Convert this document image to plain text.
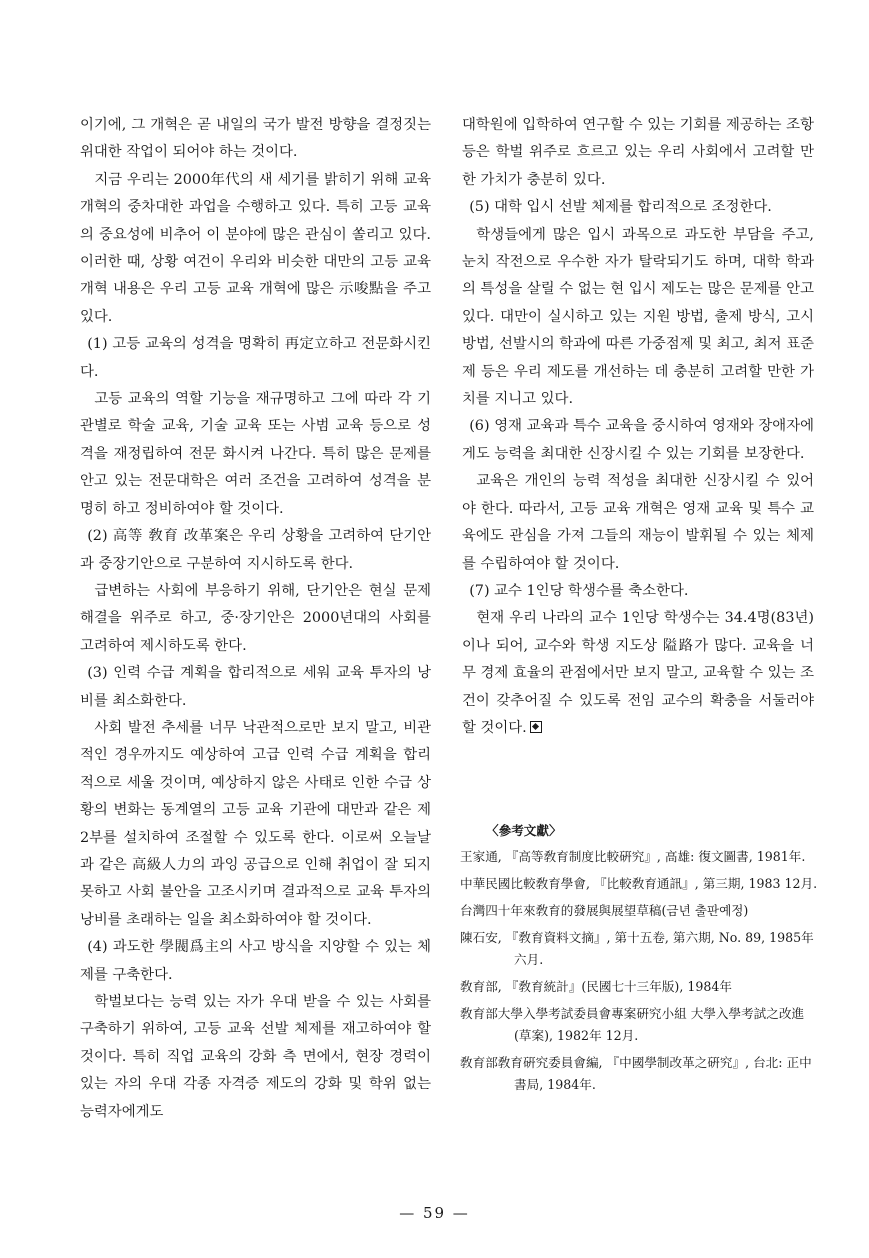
이기에, 그 개혁은 곧 내일의 국가 발전 방향을 결정짓는 위대한 작업이 되어야 하는 것이다.

지금 우리는 2000年代의 새 세기를 밝히기 위해 교육 개혁의 중차대한 과업을 수행하고 있다. 특히 고등 교육의 중요성에 비추어 이 분야에 많은 관심이 쏠리고 있다. 이러한 때, 상황 여건이 우리와 비슷한 대만의 고등 교육 개혁 내용은 우리 고등 교육 개혁에 많은 示唆點을 주고 있다.

(1) 고등 교육의 성격을 명확히 再定立하고 전문화시킨다.

고등 교육의 역할 기능을 재규명하고 그에 따라 각 기관별로 학술 교육, 기술 교육 또는 사범 교육 등으로 성격을 재정립하여 전문 화시켜 나간다. 특히 많은 문제를 안고 있는 전문대학은 여러 조건을 고려하여 성격을 분명히 하고 정비하여야 할 것이다.

(2) 高等 敎育 改革案은 우리 상황을 고려하여 단기안과 중장기안으로 구분하여 지시하도록 한다.

급변하는 사회에 부응하기 위해, 단기안은 현실 문제 해결을 위주로 하고, 중·장기안은 2000년대의 사회를 고려하여 제시하도록 한다.

(3) 인력 수급 계획을 합리적으로 세워 교육 투자의 낭비를 최소화한다.

사회 발전 추세를 너무 낙관적으로만 보지 말고, 비관적인 경우까지도 예상하여 고급 인력 수급 계획을 합리적으로 세울 것이며, 예상하지 않은 사태로 인한 수급 상황의 변화는 동계열의 고등 교육 기관에 대만과 같은 제 2부를 설치하여 조절할 수 있도록 한다. 이로써 오늘날과 같은 高級人力의 과잉 공급으로 인해 취업이 잘 되지 못하고 사회 불안을 고조시키며 결과적으로 교육 투자의 낭비를 초래하는 일을 최소화하여야 할 것이다.

(4) 과도한 學閥爲主의 사고 방식을 지양할 수 있는 체제를 구축한다.

학벌보다는 능력 있는 자가 우대 받을 수 있는 사회를 구축하기 위하여, 고등 교육 선발 체제를 재고하여야 할 것이다. 특히 직업 교육의 강화 측 면에서, 현장 경력이 있는 자의 우대 각종 자격증 제도의 강화 및 학위 없는 능력자에게도

대학원에 입학하여 연구할 수 있는 기회를 제공하는 조항 등은 학벌 위주로 흐르고 있는 우리 사회에서 고려할 만한 가치가 충분히 있다.

(5) 대학 입시 선발 체제를 합리적으로 조정한다.

학생들에게 많은 입시 과목으로 과도한 부담을 주고, 눈치 작전으로 우수한 자가 탈락되기도 하며, 대학 학과의 특성을 살릴 수 없는 현 입시 제도는 많은 문제를 안고 있다. 대만이 실시하고 있는 지원 방법, 출제 방식, 고시 방법, 선발시의 학과에 따른 가중점제 및 최고, 최저 표준제 등은 우리 제도를 개선하는 데 충분히 고려할 만한 가치를 지니고 있다.

(6) 영재 교육과 특수 교육을 중시하여 영재와 장애자에게도 능력을 최대한 신장시킬 수 있는 기회를 보장한다.

교육은 개인의 능력 적성을 최대한 신장시킬 수 있어야 한다. 따라서, 고등 교육 개혁은 영재 교육 및 특수 교육에도 관심을 가져 그들의 재능이 발휘될 수 있는 체제를 수립하여야 할 것이다.

(7) 교수 1인당 학생수를 축소한다.

현재 우리 나라의 교수 1인당 학생수는 34.4명(83년)이나 되어, 교수와 학생 지도상 隘路가 많다. 교육을 너무 경제 효율의 관점에서만 보지 말고, 교육할 수 있는 조건이 갖추어질 수 있도록 전임 교수의 확충을 서둘러야 할 것이다.

〈參考文獻〉

王家通, 『高等敎育制度比較硏究』, 高雄: 復文圖書, 1981年.

中華民國比較敎育學會, 『比較敎育通訊』, 第三期, 1983 12月.

台灣四十年來敎育的發展與展望草稿(금년 출판예정)

陳石安, 『敎育資料文摘』, 第十五卷, 第六期, No. 89, 1985年六月.

敎育部, 『敎育統計』(民國七十三年版), 1984年

敎育部大學入學考試委員會專案硏究小組 大學入學考試之改進(草案), 1982年 12月.

敎育部敎育硏究委員會編, 『中國學制改革之硏究』, 台北: 正中書局, 1984年.

— 59 —
